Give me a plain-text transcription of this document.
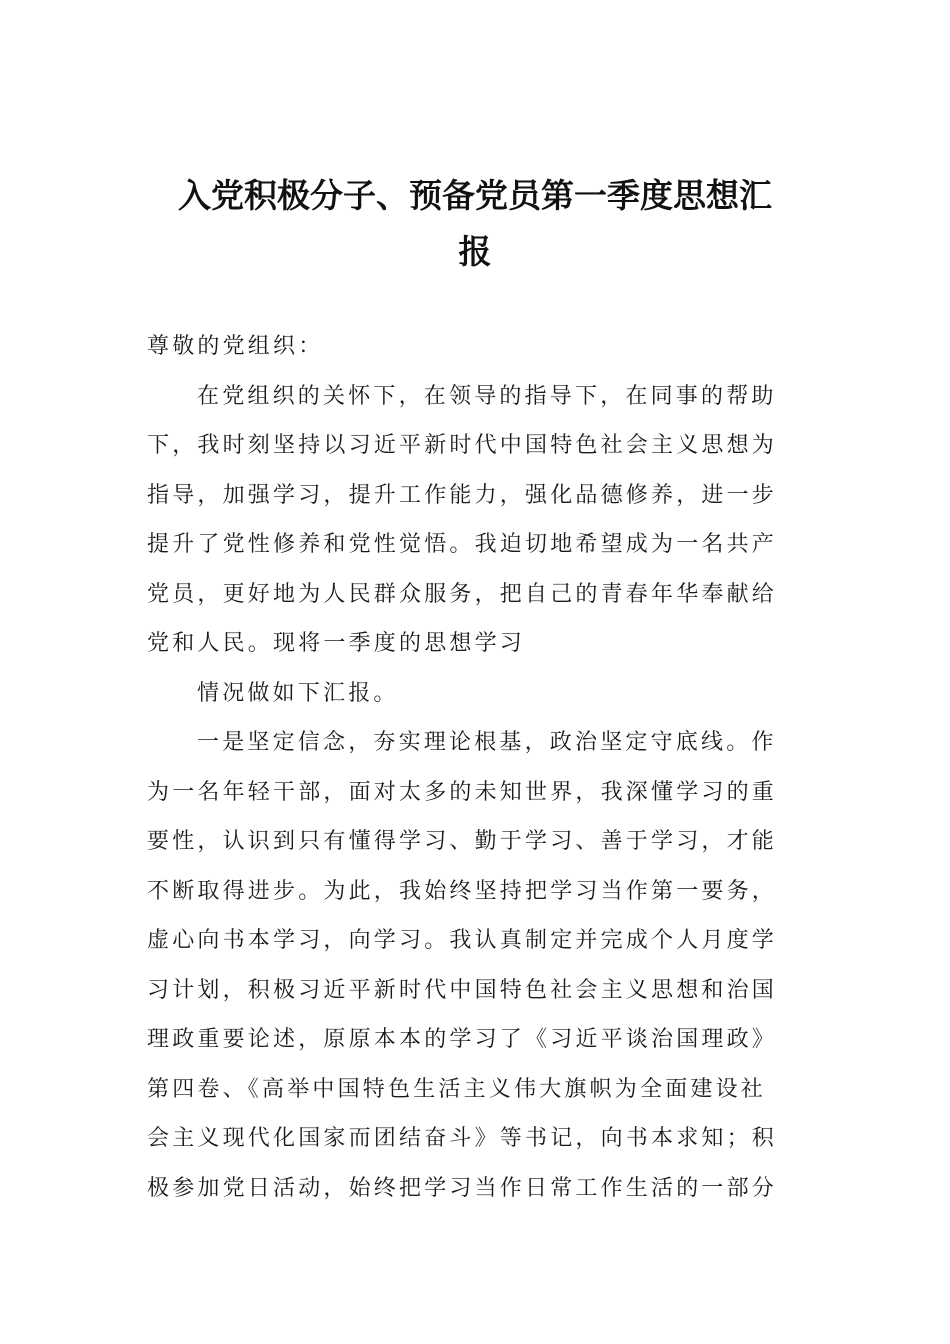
入党积极分子、预备党员第一季度思想汇
报
尊敬的党组织：
在党组织的关怀下，在领导的指导下，在同事的帮助
下，我时刻坚持以习近平新时代中国特色社会主义思想为
指导，加强学习，提升工作能力，强化品德修养，进一步
提升了党性修养和党性觉悟。我迫切地希望成为一名共产
党员，更好地为人民群众服务，把自己的青春年华奉献给
党和人民。现将一季度的思想学习
情况做如下汇报。
一是坚定信念，夯实理论根基，政治坚定守底线。作
为一名年轻干部，面对太多的未知世界，我深懂学习的重
要性，认识到只有懂得学习、勤于学习、善于学习，才能
不断取得进步。为此，我始终坚持把学习当作第一要务，
虚心向书本学习，向学习。我认真制定并完成个人月度学
习计划，积极习近平新时代中国特色社会主义思想和治国
理政重要论述，原原本本的学习了《习近平谈治国理政》
第四卷、《高举中国特色生活主义伟大旗帜为全面建设社
会主义现代化国家而团结奋斗》等书记，向书本求知；积
极参加党日活动，始终把学习当作日常工作生活的一部分
